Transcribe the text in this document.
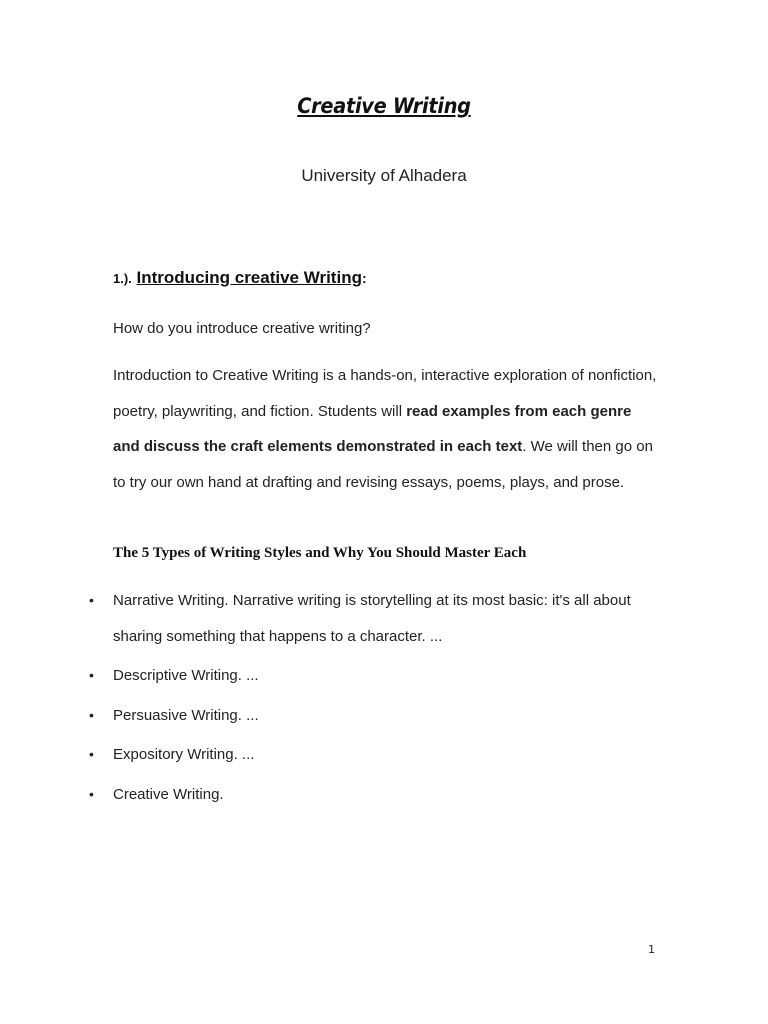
Creative Writing
University of Alhadera
1.). Introducing creative Writing:
How do you introduce creative writing?

Introduction to Creative Writing is a hands-on, interactive exploration of nonfiction, poetry, playwriting, and fiction. Students will read examples from each genre and discuss the craft elements demonstrated in each text. We will then go on to try our own hand at drafting and revising essays, poems, plays, and prose.

The 5 Types of Writing Styles and Why You Should Master Each
• Narrative Writing. Narrative writing is storytelling at its most basic: it's all about sharing something that happens to a character. ...
• Descriptive Writing. ...
• Persuasive Writing. ...
• Expository Writing. ...
• Creative Writing.
1
